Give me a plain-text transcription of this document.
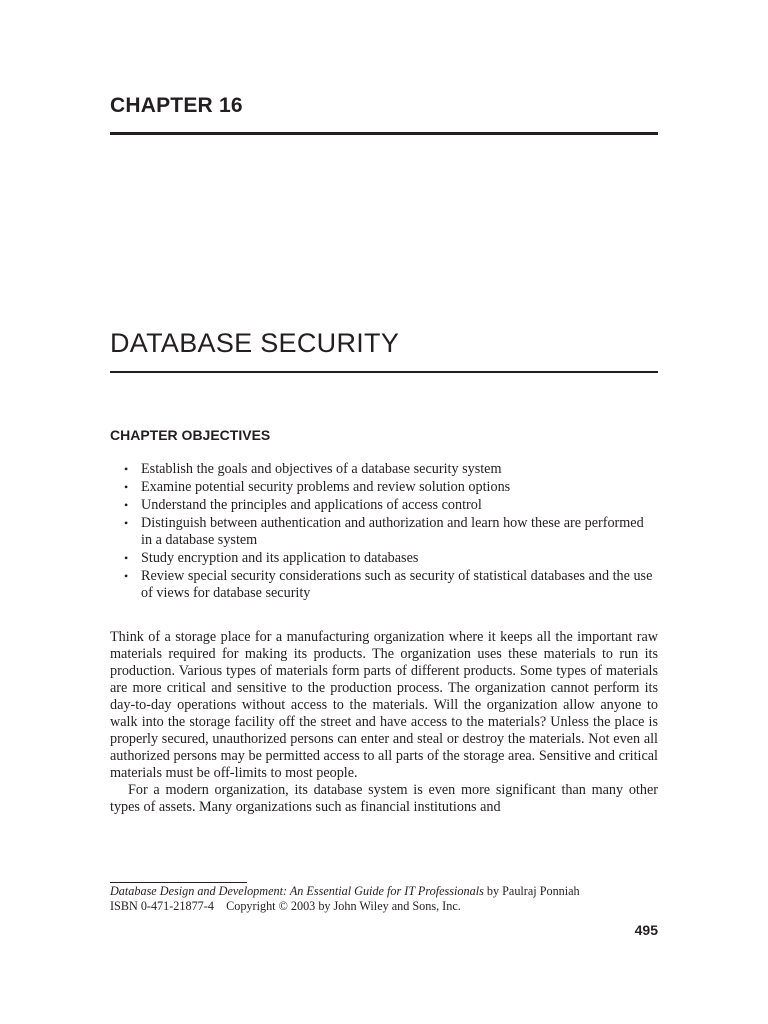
CHAPTER 16
DATABASE SECURITY
CHAPTER OBJECTIVES
• Establish the goals and objectives of a database security system
• Examine potential security problems and review solution options
• Understand the principles and applications of access control
• Distinguish between authentication and authorization and learn how these are performed in a database system
• Study encryption and its application to databases
• Review special security considerations such as security of statistical databases and the use of views for database security

Think of a storage place for a manufacturing organization where it keeps all the important raw materials required for making its products. The organization uses these materials to run its production. Various types of materials form parts of different products. Some types of materials are more critical and sensitive to the production process. The organization cannot perform its day-to-day operations without access to the materials. Will the organization allow anyone to walk into the storage facility off the street and have access to the materials? Unless the place is properly secured, unauthorized persons can enter and steal or destroy the materials. Not even all authorized persons may be permitted access to all parts of the storage area. Sensitive and critical materials must be off-limits to most people.

For a modern organization, its database system is even more significant than many other types of assets. Many organizations such as financial institutions and

Database Design and Development: An Essential Guide for IT Professionals by Paulraj Ponniah
ISBN 0-471-21877-4    Copyright © 2003 by John Wiley and Sons, Inc.
495
